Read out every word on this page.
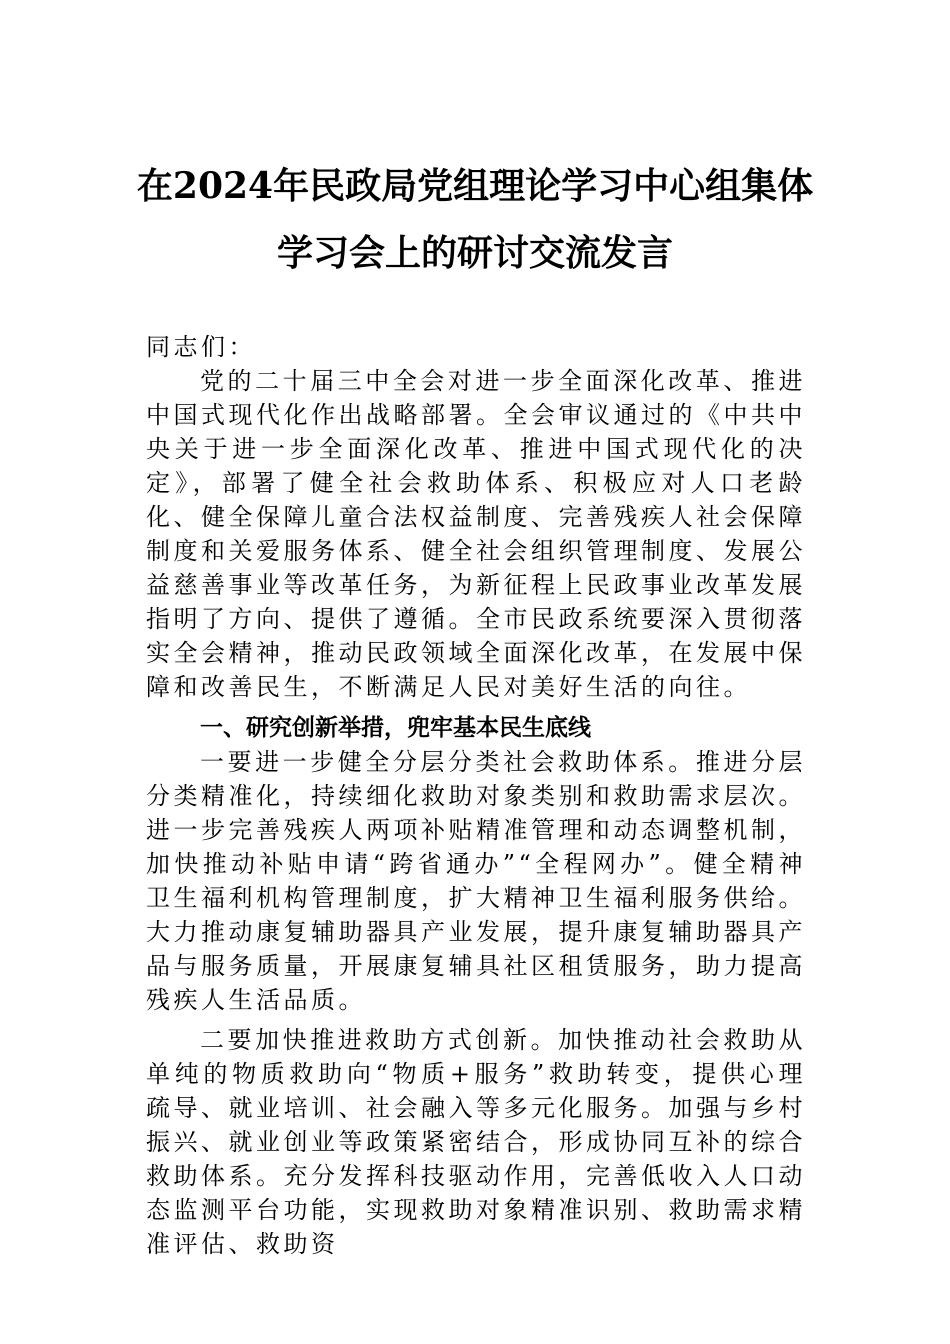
在2024年民政局党组理论学习中心组集体
学习会上的研讨交流发言
同志们：

党的二十届三中全会对进一步全面深化改革、推进中国式现代化作出战略部署。全会审议通过的《中共中央关于进一步全面深化改革、推进中国式现代化的决定》，部署了健全社会救助体系、积极应对人口老龄化、健全保障儿童合法权益制度、完善残疾人社会保障制度和关爱服务体系、健全社会组织管理制度、发展公益慈善事业等改革任务，为新征程上民政事业改革发展指明了方向、提供了遵循。全市民政系统要深入贯彻落实全会精神，推动民政领域全面深化改革，在发展中保障和改善民生，不断满足人民对美好生活的向往。

一、研究创新举措，兜牢基本民生底线

一要进一步健全分层分类社会救助体系。推进分层分类精准化，持续细化救助对象类别和救助需求层次。进一步完善残疾人两项补贴精准管理和动态调整机制，加快推动补贴申请“跨省通办”“全程网办”。健全精神卫生福利机构管理制度，扩大精神卫生福利服务供给。大力推动康复辅助器具产业发展，提升康复辅助器具产品与服务质量，开展康复辅具社区租赁服务，助力提高残疾人生活品质。

二要加快推进救助方式创新。加快推动社会救助从单纯的物质救助向“物质+服务”救助转变，提供心理疏导、就业培训、社会融入等多元化服务。加强与乡村振兴、就业创业等政策紧密结合，形成协同互补的综合救助体系。充分发挥科技驱动作用，完善低收入人口动态监测平台功能，实现救助对象精准识别、救助需求精准评估、救助资
